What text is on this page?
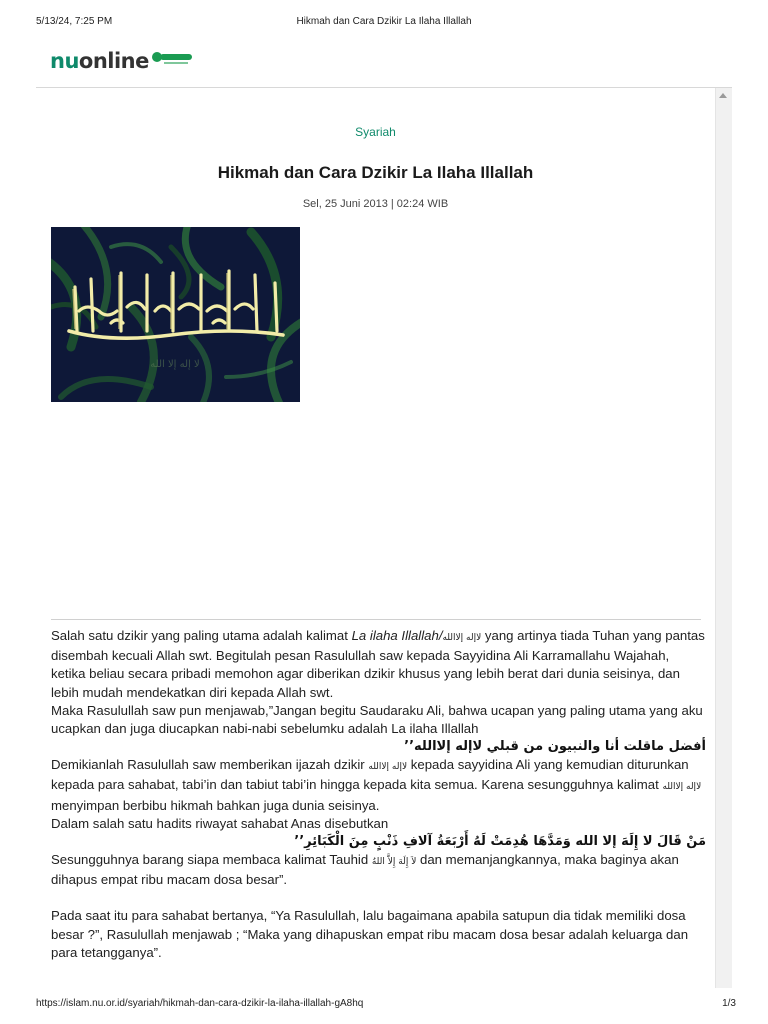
5/13/24, 7:25 PM	Hikmah dan Cara Dzikir La Ilaha Illallah
nuonline
Syariah
Hikmah dan Cara Dzikir La Ilaha Illallah
Sel, 25 Juni 2013 | 02:24 WIB
لا إله إلا الله

Salah satu dzikir yang paling utama adalah kalimat La ilaha Illallah/لاإله إلاالله yang artinya tiada Tuhan yang pantas disembah kecuali Allah swt. Begitulah pesan Rasulullah saw kepada Sayyidina Ali Karramallahu Wajahah, ketika beliau secara pribadi memohon agar diberikan dzikir khusus yang lebih berat dari dunia seisinya, dan lebih mudah mendekatkan diri kepada Allah swt.

Maka Rasulullah saw pun menjawab,”Jangan begitu Saudaraku Ali, bahwa ucapan yang paling utama yang aku ucapkan dan juga diucapkan nabi-nabi sebelumku adalah La ilaha Illallah

أفضل ماقلت أنا والنبيون من قبلي لاإله إلاالله’’

Demikianlah Rasulullah saw memberikan ijazah dzikir لاإله إلاالله kepada sayyidina Ali yang kemudian diturunkan kepada para sahabat, tabi’in dan tabiut tabi’in hingga kepada kita semua. Karena sesungguhnya kalimat لاإله إلاالله menyimpan berbibu hikmah bahkan juga dunia seisinya.

Dalam salah satu hadits riwayat sahabat Anas disebutkan

مَنْ قَالَ لا إِلَهَ إلا الله وَمَدَّهَا هُدِمَتْ لَهُ أَرْبَعَةُ آلافِ ذَنْبٍ مِنَ الْكَبَائِرِ’’

Sesungguhnya barang siapa membaca kalimat Tauhid لاَ إِلَهَ إِلاَّ اللهُ dan memanjangkannya, maka baginya akan dihapus empat ribu macam dosa besar”.

Pada saat itu para sahabat bertanya, “Ya Rasulullah, lalu bagaimana apabila satupun dia tidak memiliki dosa besar ?”, Rasulullah menjawab ; “Maka yang dihapuskan empat ribu macam dosa besar adalah keluarga dan para tetangganya”.

https://islam.nu.or.id/syariah/hikmah-dan-cara-dzikir-la-ilaha-illallah-gA8hq	1/3
